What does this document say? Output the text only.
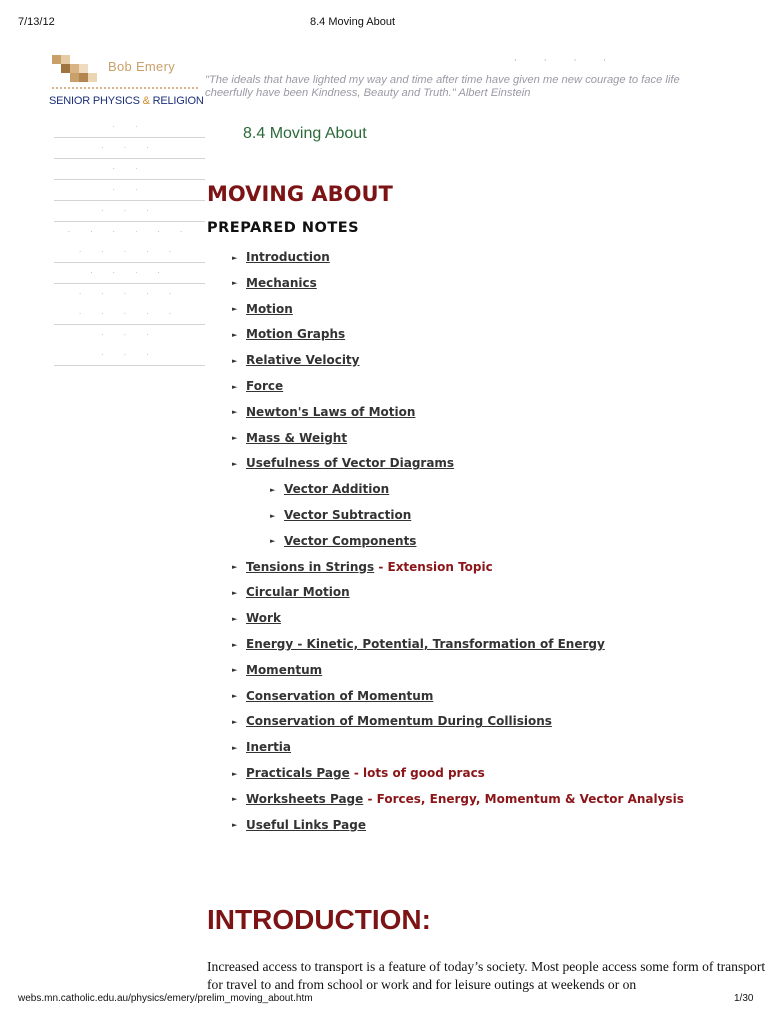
7/13/12	8.4 Moving About
Bob Emery
SENIOR PHYSICS & RELIGION
· · · ·
"The ideals that have lighted my way and time after time have given me new courage to face life cheerfully have been Kindness, Beauty and Truth." Albert Einstein
· ·
· · ·
· ·
· ·
· · ·
· · · · · ·
· · · · ·
· · · ·
· · · · ·
· · · · ·
· · ·
· · ·
8.4 Moving About
MOVING ABOUT
PREPARED NOTES
► Introduction
► Mechanics
► Motion
► Motion Graphs
► Relative Velocity
► Force
► Newton's Laws of Motion
► Mass & Weight
► Usefulness of Vector Diagrams
► Vector Addition
► Vector Subtraction
► Vector Components
► Tensions in Strings - Extension Topic
► Circular Motion
► Work
► Energy - Kinetic, Potential, Transformation of Energy
► Momentum
► Conservation of Momentum
► Conservation of Momentum During Collisions
► Inertia
► Practicals Page - lots of good pracs
► Worksheets Page - Forces, Energy, Momentum & Vector Analysis
► Useful Links Page
INTRODUCTION:
Increased access to transport is a feature of today’s society. Most people access some form of transport for travel to and from school or work and for leisure outings at weekends or on
webs.mn.catholic.edu.au/physics/emery/prelim_moving_about.htm	1/30
